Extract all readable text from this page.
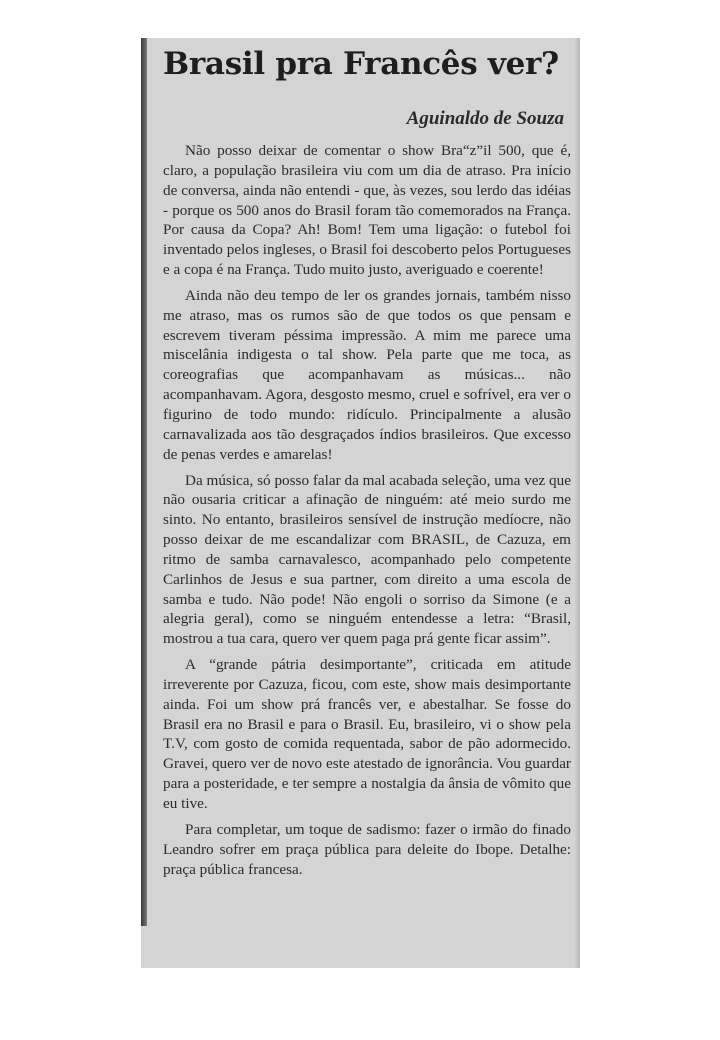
Brasil pra Francês ver?
Aguinaldo de Souza

Não posso deixar de comentar o show Bra“z”il 500, que é, claro, a população brasileira viu com um dia de atraso. Pra início de conversa, ainda não entendi - que, às vezes, sou lerdo das idéias - porque os 500 anos do Brasil foram tão comemorados na França. Por causa da Copa? Ah! Bom! Tem uma ligação: o futebol foi inventado pelos ingleses, o Brasil foi descoberto pelos Portugueses e a copa é na França. Tudo muito justo, averiguado e coerente!

Ainda não deu tempo de ler os grandes jornais, também nisso me atraso, mas os rumos são de que todos os que pensam e escrevem tiveram péssima impressão. A mim me parece uma miscelânia indigesta o tal show. Pela parte que me toca, as coreografias que acompanhavam as músicas... não acompanhavam. Agora, desgosto mesmo, cruel e sofrível, era ver o figurino de todo mundo: ridículo. Principalmente a alusão carnavalizada aos tão desgraçados índios brasileiros. Que excesso de penas verdes e amarelas!

Da música, só posso falar da mal acabada seleção, uma vez que não ousaria criticar a afinação de ninguém: até meio surdo me sinto. No entanto, brasileiros sensível de instrução medíocre, não posso deixar de me escandalizar com BRASIL, de Cazuza, em ritmo de samba carnavalesco, acompanhado pelo competente Carlinhos de Jesus e sua partner, com direito a uma escola de samba e tudo. Não pode! Não engoli o sorriso da Simone (e a alegria geral), como se ninguém entendesse a letra: “Brasil, mostrou a tua cara, quero ver quem paga prá gente ficar assim”.

A “grande pátria desimportante”, criticada em atitude irreverente por Cazuza, ficou, com este, show mais desimportante ainda. Foi um show prá francês ver, e abestalhar. Se fosse do Brasil era no Brasil e para o Brasil. Eu, brasileiro, vi o show pela T.V, com gosto de comida requentada, sabor de pão adormecido. Gravei, quero ver de novo este atestado de ignorância. Vou guardar para a posteridade, e ter sempre a nostalgia da ânsia de vômito que eu tive.

Para completar, um toque de sadismo: fazer o irmão do finado Leandro sofrer em praça pública para deleite do Ibope. Detalhe: praça pública francesa.
